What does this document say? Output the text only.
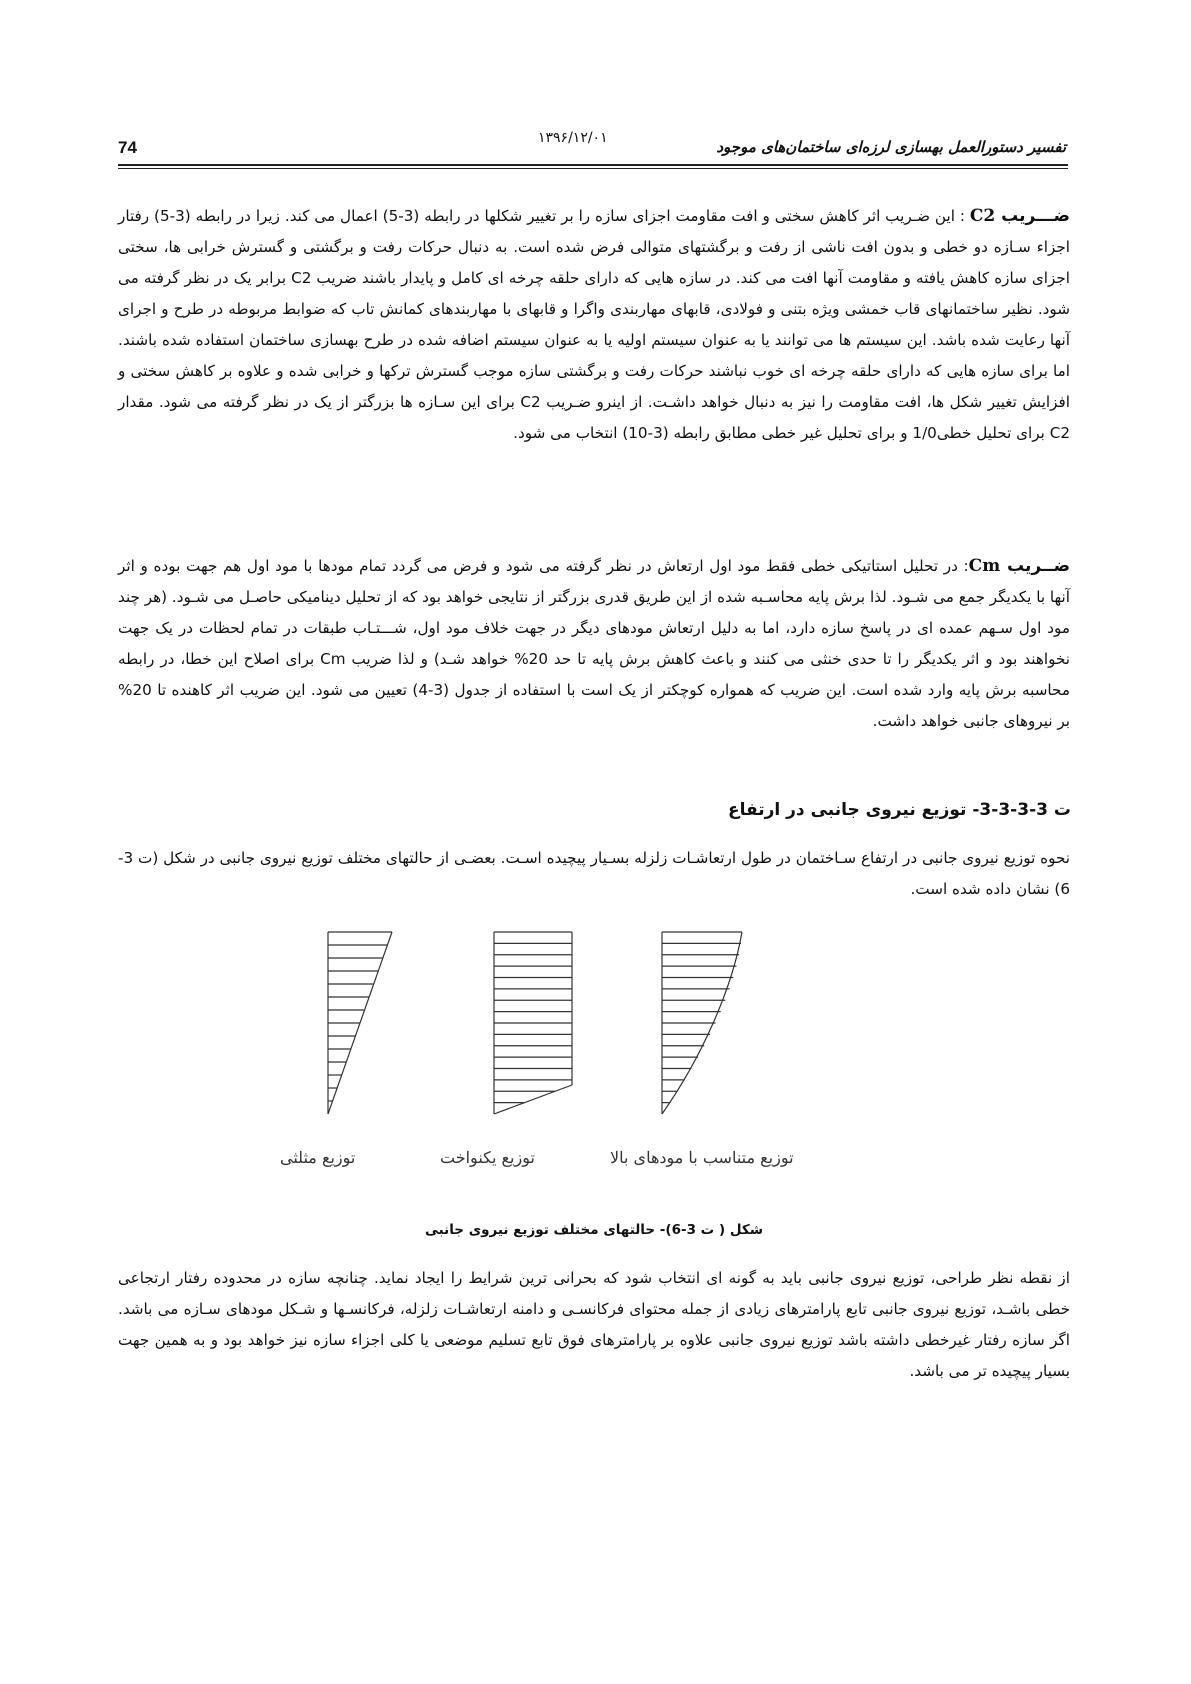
74	۱۳۹۶/۱۲/۰۱	تفسیر دستورالعمل بهسازی لرزه‌ای ساختمان‌های موجود

ضـــریب C2 : این ضـریب اثر کاهش سختی و افت مقاومت اجزای سازه را بر تغییر شکلها در رابطه (3-5) اعمال می کند. زیرا در رابطه (3-5) رفتار اجزاء سـازه دو خطی و بدون افت ناشی از رفت و برگشتهای متوالی فرض شده است. به دنبال حرکات رفت و برگشتی و گسترش خرابی ها، سختی اجزای سازه کاهش یافته و مقاومت آنها افت می کند. در سازه هایی که دارای حلقه چرخه ای کامل و پایدار باشند ضریب C2 برابر یک در نظر گرفته می شود. نظیر ساختمانهای قاب خمشی ویژه بتنی و فولادی، قابهای مهاربندی واگرا و قابهای با مهاربندهای کمانش تاب که ضوابط مربوطه در طرح و اجرای آنها رعایت شده باشد. این سیستم ها می توانند یا به عنوان سیستم اولیه یا به عنوان سیستم اضافه شده در طرح بهسازی ساختمان استفاده شده باشند. اما برای سازه هایی که دارای حلقه چرخه ای خوب نباشند حرکات رفت و برگشتی سازه موجب گسترش ترکها و خرابی شده و علاوه بر کاهش سختی و افزایش تغییر شکل ها، افت مقاومت را نیز به دنبال خواهد داشـت. از اینرو ضـریب C2 برای این سـازه ها بزرگتر از یک در نظر گرفته می شود. مقدار C2 برای تحلیل خطی1/0 و برای تحلیل غیر خطی مطابق رابطه (3-10) انتخاب می شود.

ضــریب Cm: در تحلیل استاتیکی خطی فقط مود اول ارتعاش در نظر گرفته می شود و فرض می گردد تمام مودها با مود اول هم جهت بوده و اثر آنها با یکدیگر جمع می شـود. لذا برش پایه محاسـبه شده از این طریق قدری بزرگتر از نتایجی خواهد بود که از تحلیل دینامیکی حاصـل می شـود. (هر چند مود اول سـهم عمده ای در پاسخ سازه دارد، اما به دلیل ارتعاش مودهای دیگر در جهت خلاف مود اول، شـــتـاب طبقات در تمام لحظات در یک جهت نخواهند بود و اثر یکدیگر را تا حدی خنثی می کنند و باعث کاهش برش پایه تا حد 20% خواهد شـد) و لذا ضریب Cm برای اصلاح این خطا، در رابطه محاسبه برش پایه وارد شده است. این ضریب که همواره کوچکتر از یک است با استفاده از جدول (3-4) تعیین می شود. این ضریب اثر کاهنده تا 20% بر نیروهای جانبی خواهد داشت.

ت 3-3-3-3- توزیع نیروی جانبی در ارتفاع

نحوه توزیع نیروی جانبی در ارتفاع سـاختمان در طول ارتعاشـات زلزله بسـیار پیچیده اسـت. بعضـی از حالتهای مختلف توزیع نیروی جانبی در شکل (ت 3-6) نشان داده شده است.

توزیع مثلثی	توزیع یکنواخت	توزیع متناسب با مودهای بالا
شکل ( ت 3-6)- حالتهای مختلف توزیع نیروی جانبی

از نقطه نظر طراحی، توزیع نیروی جانبی باید به گونه ای انتخاب شود که بحرانی ترین شرایط را ایجاد نماید. چنانچه سازه در محدوده رفتار ارتجاعی خطی باشـد، توزیع نیروی جانبی تابع پارامترهای زیادی از جمله محتوای فرکانسـی و دامنه ارتعاشـات زلزله، فرکانسـها و شـکل مودهای سـازه می باشد. اگر سازه رفتار غیرخطی داشته باشد توزیع نیروی جانبی علاوه بر پارامترهای فوق تابع تسلیم موضعی یا کلی اجزاء سازه نیز خواهد بود و به همین جهت بسیار پیچیده تر می باشد.
